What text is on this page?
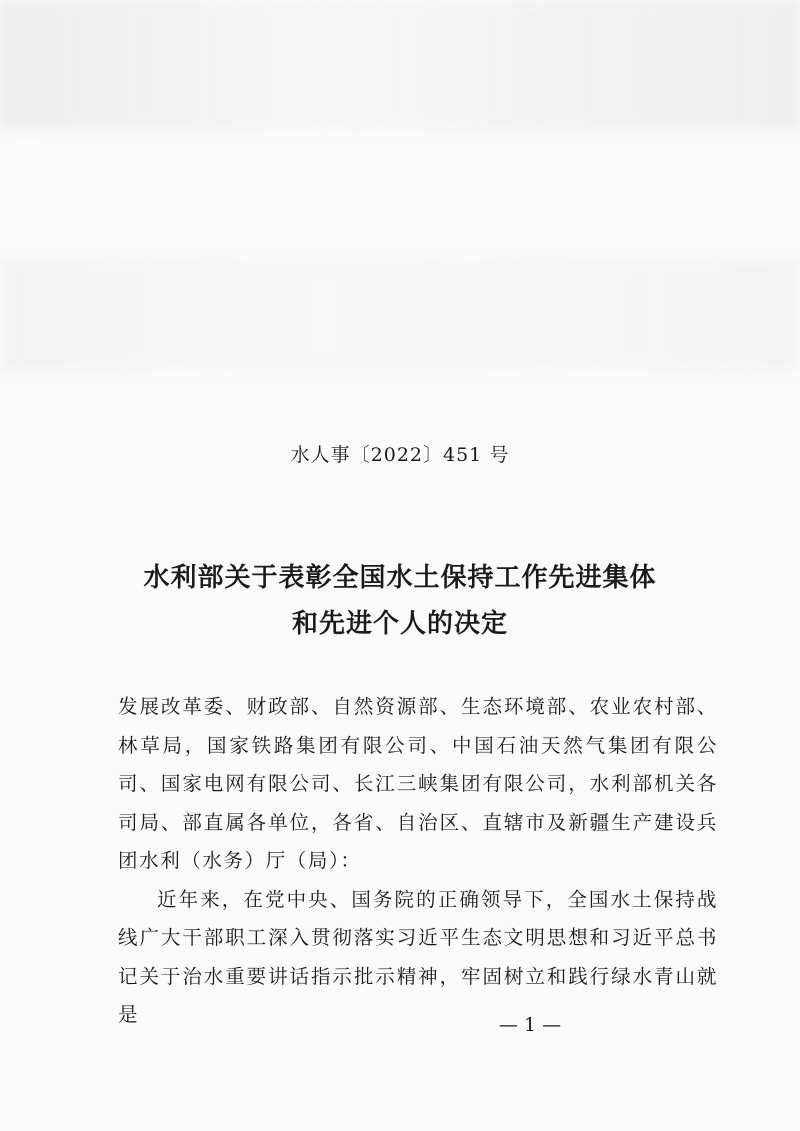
水人事〔2022〕451 号
水利部关于表彰全国水土保持工作先进集体
和先进个人的决定

发展改革委、财政部、自然资源部、生态环境部、农业农村部、林草局，国家铁路集团有限公司、中国石油天然气集团有限公司、国家电网有限公司、长江三峡集团有限公司，水利部机关各司局、部直属各单位，各省、自治区、直辖市及新疆生产建设兵团水利（水务）厅（局）：

近年来，在党中央、国务院的正确领导下，全国水土保持战线广大干部职工深入贯彻落实习近平生态文明思想和习近平总书记关于治水重要讲话指示批示精神，牢固树立和践行绿水青山就是	— 1 —
